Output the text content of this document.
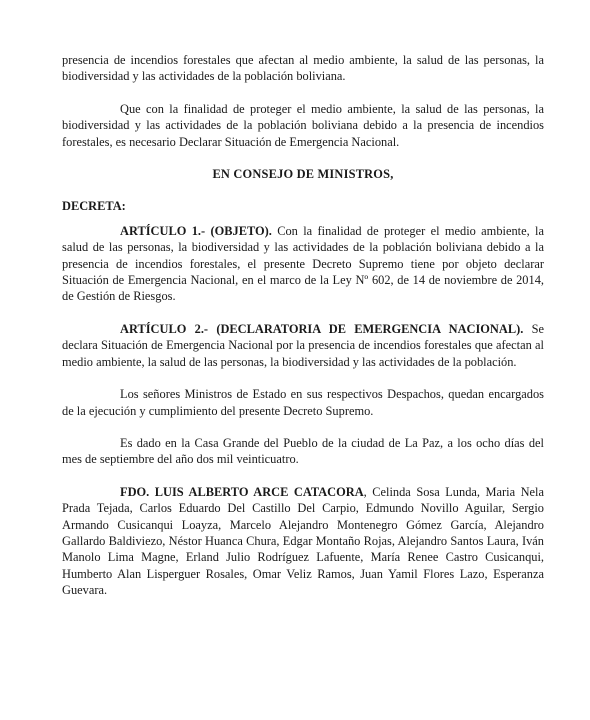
presencia de incendios forestales que afectan al medio ambiente, la salud de las personas, la biodiversidad y las actividades de la población boliviana.

Que con la finalidad de proteger el medio ambiente, la salud de las personas, la biodiversidad y las actividades de la población boliviana debido a la presencia de incendios forestales, es necesario Declarar Situación de Emergencia Nacional.

EN CONSEJO DE MINISTROS,

DECRETA:

ARTÍCULO 1.- (OBJETO). Con la finalidad de proteger el medio ambiente, la salud de las personas, la biodiversidad y las actividades de la población boliviana debido a la presencia de incendios forestales, el presente Decreto Supremo tiene por objeto declarar Situación de Emergencia Nacional, en el marco de la Ley Nº 602, de 14 de noviembre de 2014, de Gestión de Riesgos.

ARTÍCULO 2.- (DECLARATORIA DE EMERGENCIA NACIONAL). Se declara Situación de Emergencia Nacional por la presencia de incendios forestales que afectan al medio ambiente, la salud de las personas, la biodiversidad y las actividades de la población.

Los señores Ministros de Estado en sus respectivos Despachos, quedan encargados de la ejecución y cumplimiento del presente Decreto Supremo.

Es dado en la Casa Grande del Pueblo de la ciudad de La Paz, a los ocho días del mes de septiembre del año dos mil veinticuatro.

FDO. LUIS ALBERTO ARCE CATACORA, Celinda Sosa Lunda, Maria Nela Prada Tejada, Carlos Eduardo Del Castillo Del Carpio, Edmundo Novillo Aguilar, Sergio Armando Cusicanqui Loayza, Marcelo Alejandro Montenegro Gómez García, Alejandro Gallardo Baldiviezo, Néstor Huanca Chura, Edgar Montaño Rojas, Alejandro Santos Laura, Iván Manolo Lima Magne, Erland Julio Rodríguez Lafuente, María Renee Castro Cusicanqui, Humberto Alan Lisperguer Rosales, Omar Veliz Ramos, Juan Yamil Flores Lazo, Esperanza Guevara.
